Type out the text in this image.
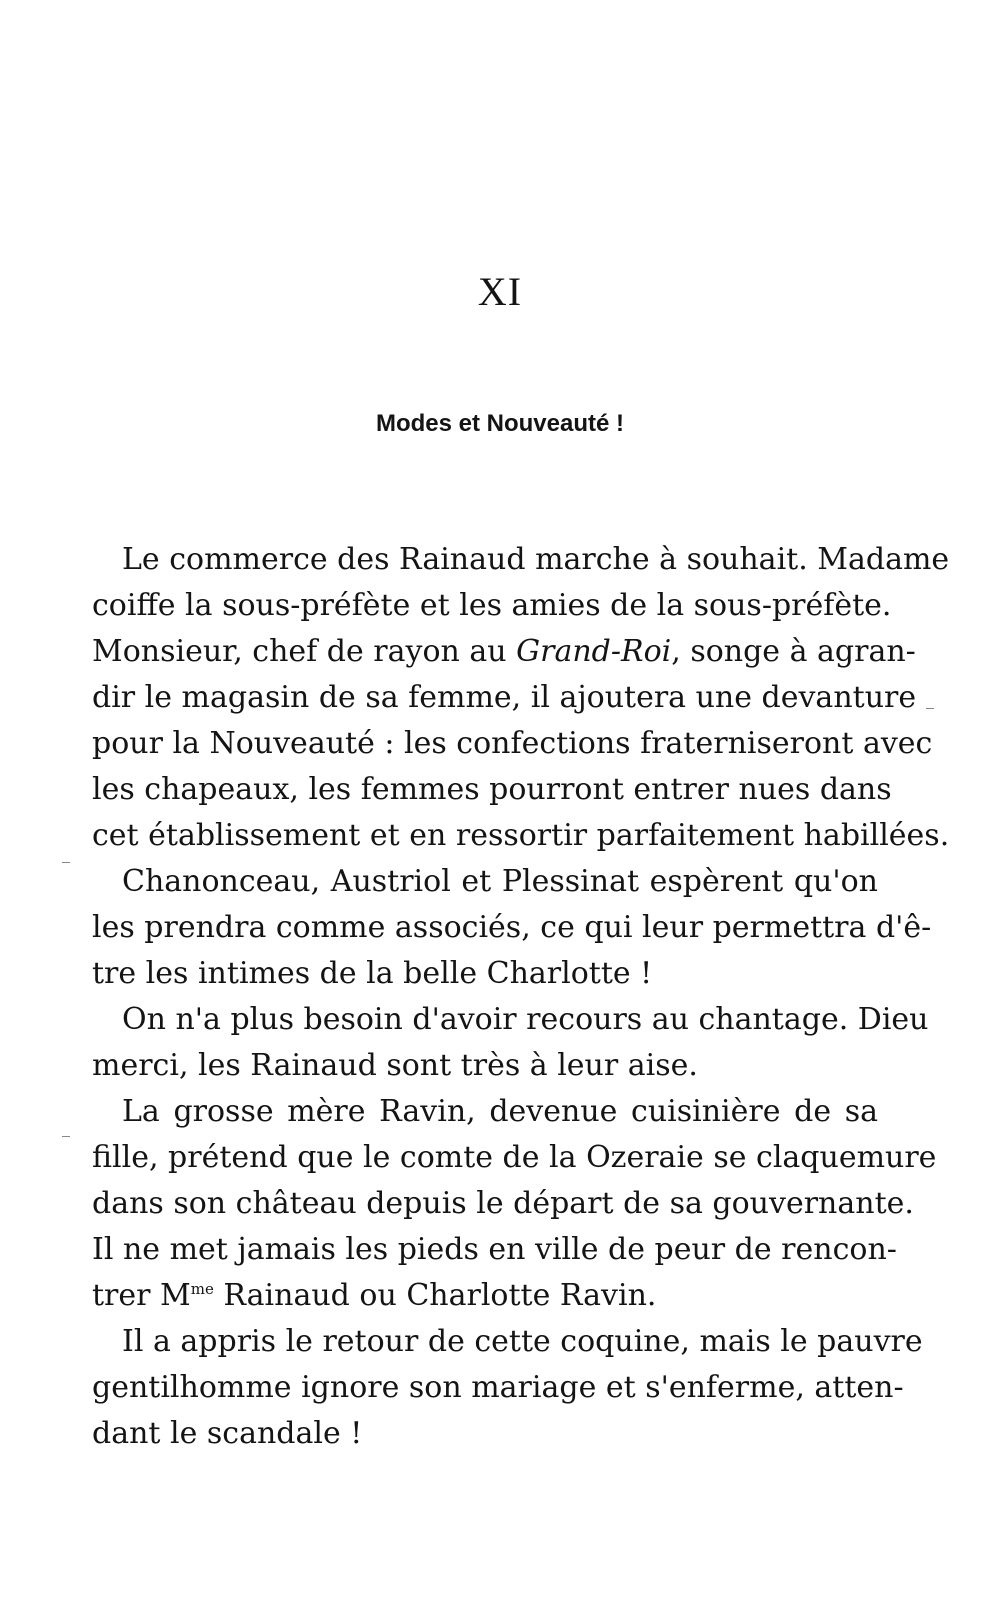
XI
Modes et Nouveauté !
Le commerce des Rainaud marche à souhait. Madame
coiffe la sous-préfète et les amies de la sous-préfète.
Monsieur, chef de rayon au Grand-Roi, songe à agran-
dir le magasin de sa femme, il ajoutera une devanture
pour la Nouveauté : les confections fraterniseront avec
les chapeaux, les femmes pourront entrer nues dans
cet établissement et en ressortir parfaitement habillées.
Chanonceau, Austriol et Plessinat espèrent qu'on
les prendra comme associés, ce qui leur permettra d'ê-
tre les intimes de la belle Charlotte !
On n'a plus besoin d'avoir recours au chantage. Dieu
merci, les Rainaud sont très à leur aise.
La grosse mère Ravin, devenue cuisinière de sa
fille, prétend que le comte de la Ozeraie se claquemure
dans son château depuis le départ de sa gouvernante.
Il ne met jamais les pieds en ville de peur de rencon-
trer $M^{me}$ Rainaud ou Charlotte Ravin.
Il a appris le retour de cette coquine, mais le pauvre
gentilhomme ignore son mariage et s'enferme, atten-
dant le scandale !
